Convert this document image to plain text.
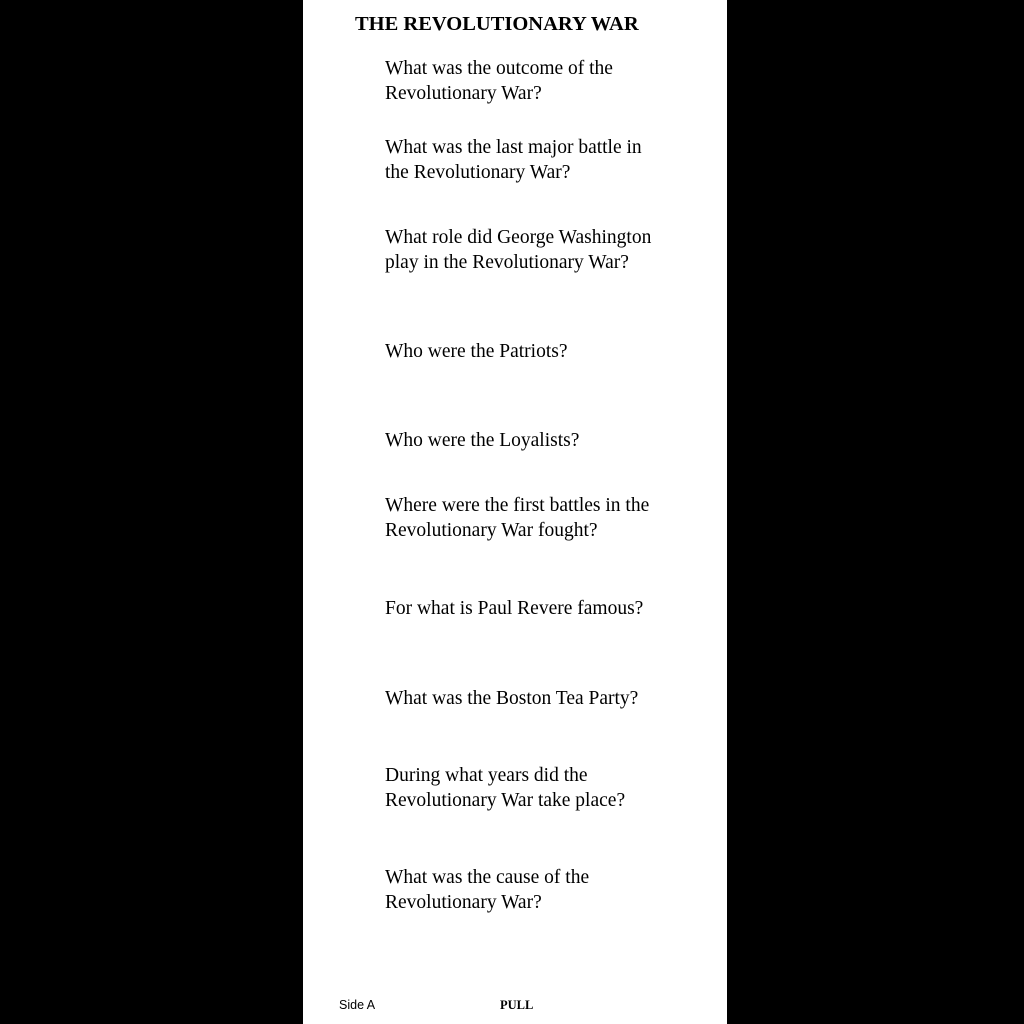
THE REVOLUTIONARY WAR

What was the outcome of the Revolutionary War?

What was the last major battle in the Revolutionary War?

What role did George Washington play in the Revolutionary War?

Who were the Patriots?

Who were the Loyalists?

Where were the first battles in the Revolutionary War fought?

For what is Paul Revere famous?

What was the Boston Tea Party?

During what years did the Revolutionary War take place?

What was the cause of the Revolutionary War?

Side A	PULL
